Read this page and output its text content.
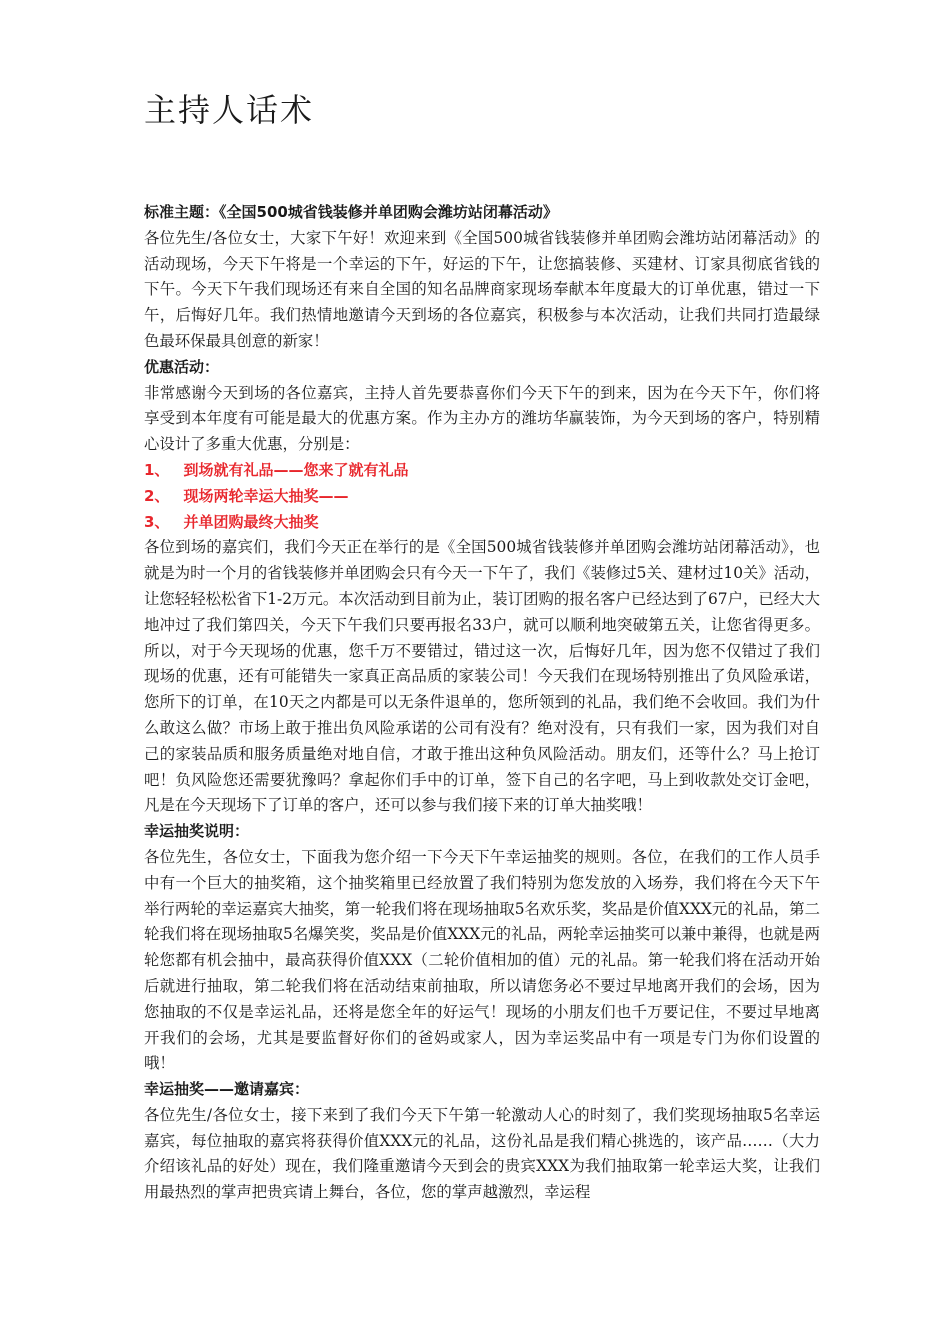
主持人话术

标准主题：《全国500城省钱装修并单团购会潍坊站闭幕活动》

各位先生/各位女士，大家下午好！欢迎来到《全国500城省钱装修并单团购会潍坊站闭幕活动》的活动现场，今天下午将是一个幸运的下午，好运的下午，让您搞装修、买建材、订家具彻底省钱的下午。今天下午我们现场还有来自全国的知名品牌商家现场奉献本年度最大的订单优惠，错过一下午，后悔好几年。我们热情地邀请今天到场的各位嘉宾，积极参与本次活动，让我们共同打造最绿色最环保最具创意的新家！

优惠活动：

非常感谢今天到场的各位嘉宾，主持人首先要恭喜你们今天下午的到来，因为在今天下午，你们将享受到本年度有可能是最大的优惠方案。作为主办方的潍坊华赢装饰，为今天到场的客户，特别精心设计了多重大优惠，分别是：

1、 到场就有礼品——您来了就有礼品

2、 现场两轮幸运大抽奖——

3、 并单团购最终大抽奖

各位到场的嘉宾们，我们今天正在举行的是《全国500城省钱装修并单团购会潍坊站闭幕活动》，也就是为时一个月的省钱装修并单团购会只有今天一下午了，我们《装修过5关、建材过10关》活动，让您轻轻松松省下1-2万元。本次活动到目前为止，装订团购的报名客户已经达到了67户，已经大大地冲过了我们第四关，今天下午我们只要再报名33户，就可以顺利地突破第五关，让您省得更多。所以，对于今天现场的优惠，您千万不要错过，错过这一次，后悔好几年，因为您不仅错过了我们现场的优惠，还有可能错失一家真正高品质的家装公司！今天我们在现场特别推出了负风险承诺，您所下的订单，在10天之内都是可以无条件退单的，您所领到的礼品，我们绝不会收回。我们为什么敢这么做？市场上敢于推出负风险承诺的公司有没有？绝对没有，只有我们一家，因为我们对自己的家装品质和服务质量绝对地自信，才敢于推出这种负风险活动。朋友们，还等什么？马上抢订吧！负风险您还需要犹豫吗？拿起你们手中的订单，签下自己的名字吧，马上到收款处交订金吧，凡是在今天现场下了订单的客户，还可以参与我们接下来的订单大抽奖哦！

幸运抽奖说明：

各位先生，各位女士，下面我为您介绍一下今天下午幸运抽奖的规则。各位，在我们的工作人员手中有一个巨大的抽奖箱，这个抽奖箱里已经放置了我们特别为您发放的入场券，我们将在今天下午举行两轮的幸运嘉宾大抽奖，第一轮我们将在现场抽取5名欢乐奖，奖品是价值XXX元的礼品，第二轮我们将在现场抽取5名爆笑奖，奖品是价值XXX元的礼品，两轮幸运抽奖可以兼中兼得，也就是两轮您都有机会抽中，最高获得价值XXX（二轮价值相加的值）元的礼品。第一轮我们将在活动开始后就进行抽取，第二轮我们将在活动结束前抽取，所以请您务必不要过早地离开我们的会场，因为您抽取的不仅是幸运礼品，还将是您全年的好运气！现场的小朋友们也千万要记住，不要过早地离开我们的会场，尤其是要监督好你们的爸妈或家人，因为幸运奖品中有一项是专门为你们设置的哦！

幸运抽奖——邀请嘉宾：

各位先生/各位女士，接下来到了我们今天下午第一轮激动人心的时刻了，我们奖现场抽取5名幸运嘉宾，每位抽取的嘉宾将获得价值XXX元的礼品，这份礼品是我们精心挑选的，该产品……（大力介绍该礼品的好处）现在，我们隆重邀请今天到会的贵宾XXX为我们抽取第一轮幸运大奖，让我们用最热烈的掌声把贵宾请上舞台，各位，您的掌声越激烈，幸运程
